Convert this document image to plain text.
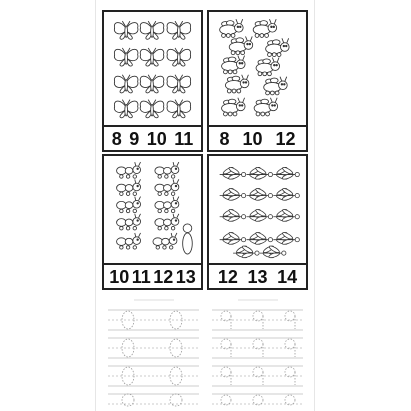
8 9 10 11 8 10 12
10 11 12 13 12 13 14
